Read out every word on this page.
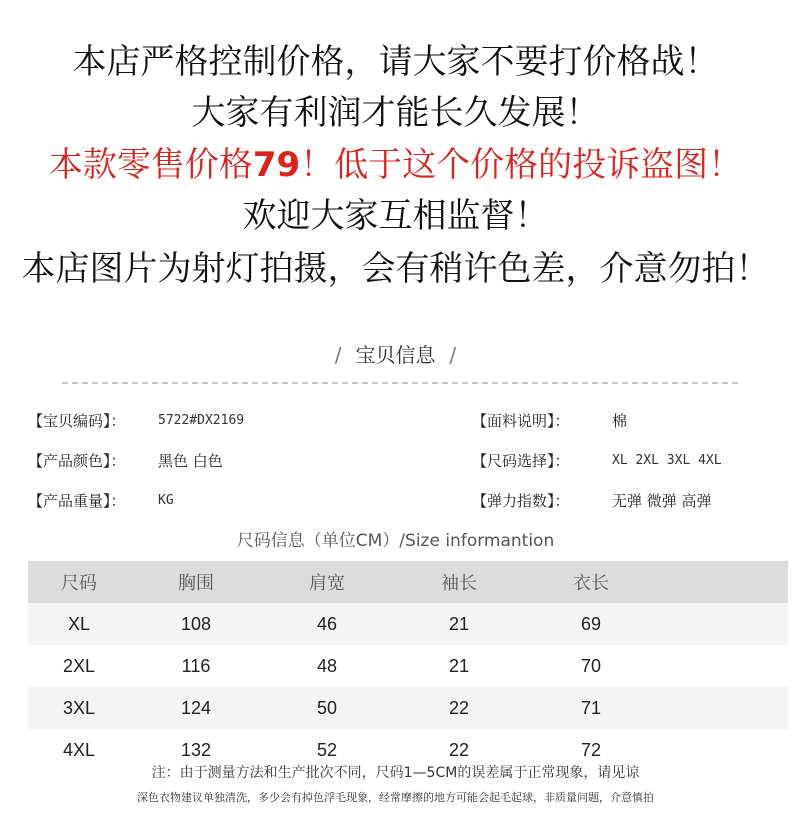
本店严格控制价格，请大家不要打价格战！
大家有利润才能长久发展！
本款零售价格79！低于这个价格的投诉盗图！
欢迎大家互相监督！
本店图片为射灯拍摄，会有稍许色差，介意勿拍！
/ 宝贝信息 /
【宝贝编码】： 5722#DX2169	【面料说明】：	棉
【产品颜色】： 黑色 白色	【尺码选择】：	XL 2XL 3XL 4XL
【产品重量】： KG	【弹力指数】：	无弹 微弹 高弹
尺码信息（单位CM）/Size informantion
尺码	胸围	肩宽	袖长	衣长	
XL	108	46	21	69	
2XL	116	48	21	70	
3XL	124	50	22	71	
4XL	132	52	22	72	
注：由于测量方法和生产批次不同，尺码1—5CM的误差属于正常现象，请见谅
深色衣物建议单独清洗，多少会有掉色浮毛现象，经常摩擦的地方可能会起毛起球，非质量问题，介意慎拍
